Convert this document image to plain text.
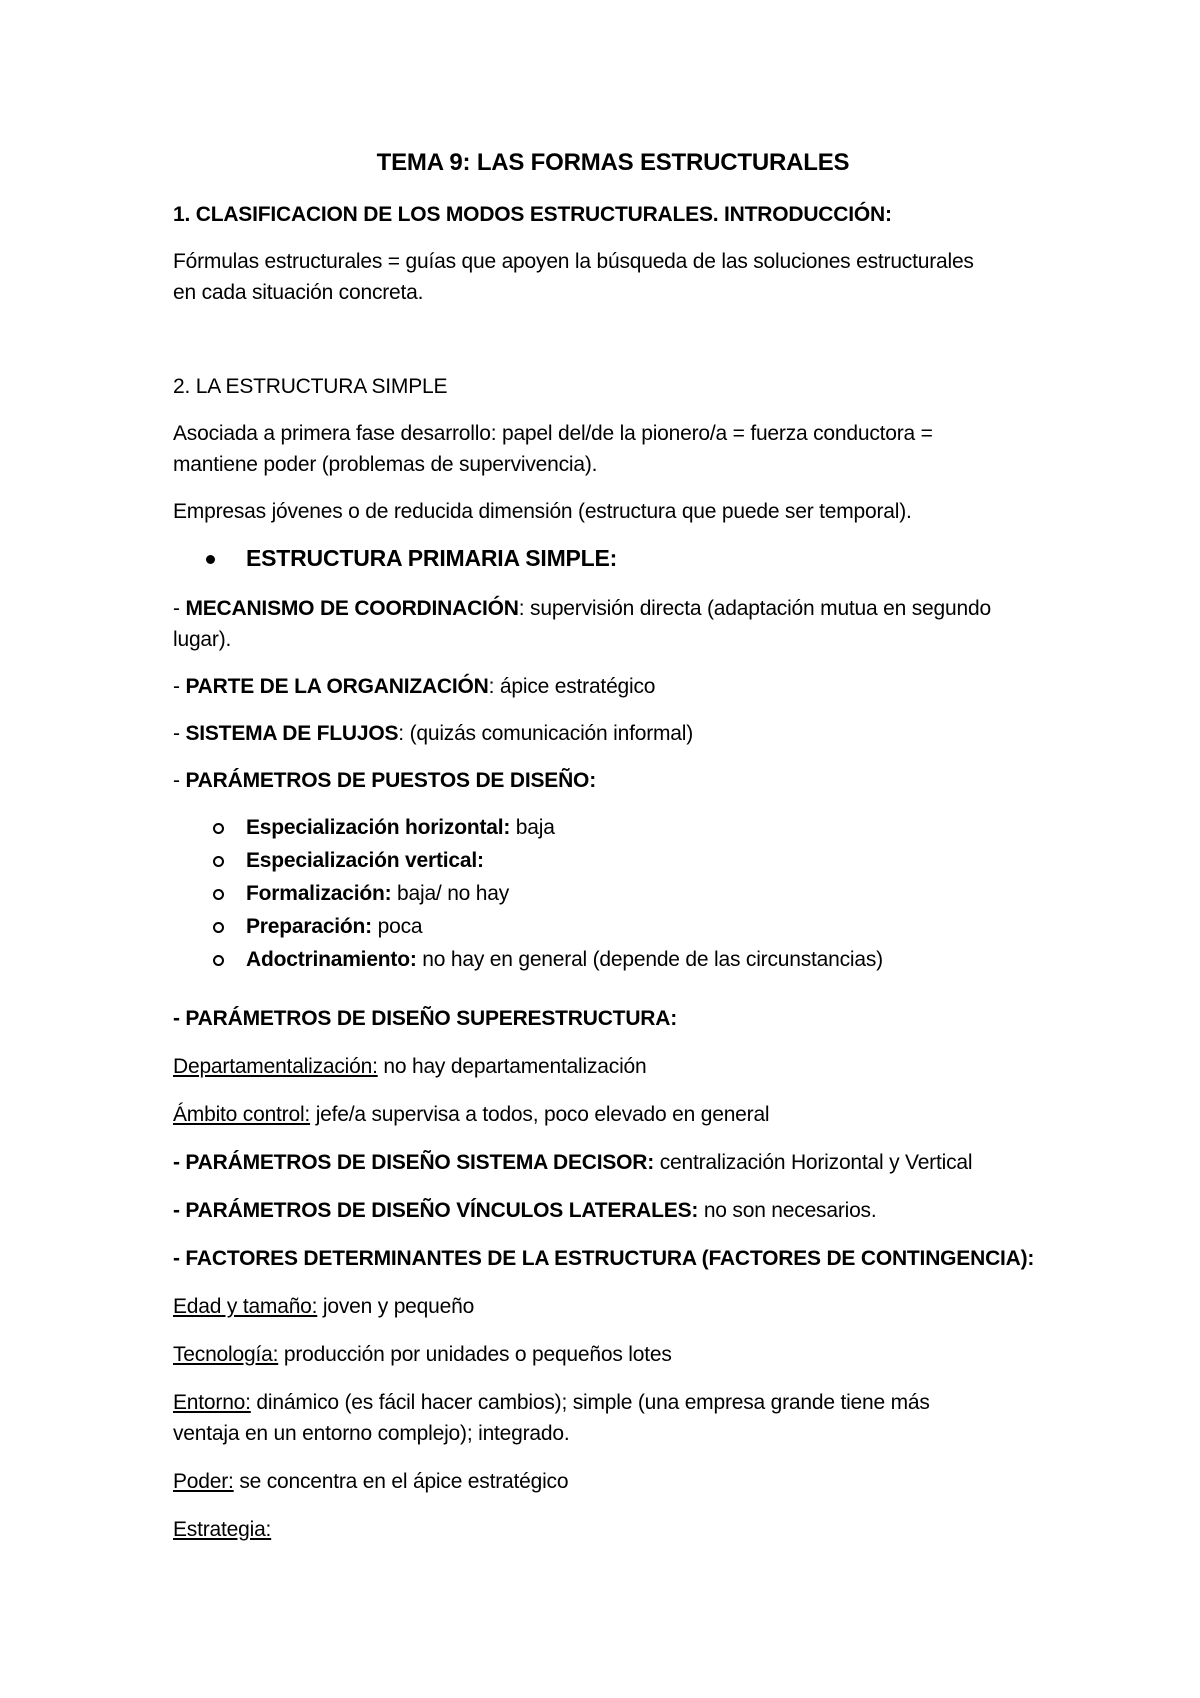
TEMA 9: LAS FORMAS ESTRUCTURALES

1. CLASIFICACION DE LOS MODOS ESTRUCTURALES. INTRODUCCIÓN:

Fórmulas estructurales = guías que apoyen la búsqueda de las soluciones estructurales

en cada situación concreta.

2. LA ESTRUCTURA SIMPLE

Asociada a primera fase desarrollo: papel del/de la pionero/a = fuerza conductora =

mantiene poder (problemas de supervivencia).

Empresas jóvenes o de reducida dimensión (estructura que puede ser temporal).

ESTRUCTURA PRIMARIA SIMPLE:

- MECANISMO DE COORDINACIÓN: supervisión directa (adaptación mutua en segundo

lugar).

- PARTE DE LA ORGANIZACIÓN: ápice estratégico

- SISTEMA DE FLUJOS: (quizás comunicación informal)

- PARÁMETROS DE PUESTOS DE DISEÑO:

Especialización horizontal: baja
Especialización vertical:
Formalización: baja/ no hay
Preparación: poca
Adoctrinamiento: no hay en general (depende de las circunstancias)

- PARÁMETROS DE DISEÑO SUPERESTRUCTURA:

Departamentalización: no hay departamentalización

Ámbito control: jefe/a supervisa a todos, poco elevado en general

- PARÁMETROS DE DISEÑO SISTEMA DECISOR: centralización Horizontal y Vertical

- PARÁMETROS DE DISEÑO VÍNCULOS LATERALES: no son necesarios.

- FACTORES DETERMINANTES DE LA ESTRUCTURA (FACTORES DE CONTINGENCIA):

Edad y tamaño: joven y pequeño

Tecnología: producción por unidades o pequeños lotes

Entorno: dinámico (es fácil hacer cambios); simple (una empresa grande tiene más

ventaja en un entorno complejo); integrado.

Poder: se concentra en el ápice estratégico

Estrategia:
